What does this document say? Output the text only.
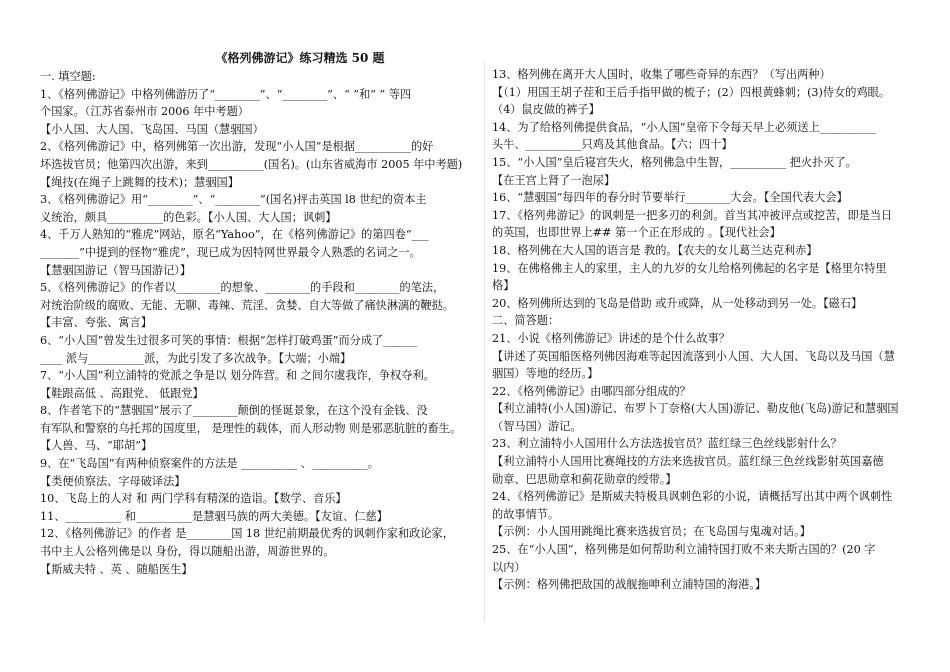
《格列佛游记》练习精选 50 题
一. 填空题:
1、《格列佛游记》中格列佛游历了“________”、“________”、“ ”和“ ” 等四
个国家。（江苏省泰州市 2006 年中考题）
【小人国、大人国、飞岛国、马国（慧骃国）
2、《格列佛游记》中，格列佛第一次出游，发现“小人国”是根据__________的好
坏选拔官员；他第四次出游，来到__________(国名)。(山东省威海市 2005 年中考题)
【绳技(在绳子上跳舞的技术)；慧骃国】
3、《格列佛游记》用“________”、“________”(国名)抨击英国 l8 世纪的资本主
义统治，颇具__________的色彩。【小人国、大人国；讽刺】
4、千万人熟知的“雅虎”网站，原名“Yahoo”，在《格列佛游记》的第四卷“___
_______”中提到的怪物“雅虎”，现已成为因特网世界最令人熟悉的名词之一。
【慧骃国游记（智马国游记）】
5、《格列佛游记》的作者以________的想象、________的手段和________的笔法，
对统治阶级的腐败、无能、无聊、毒辣、荒淫、贪婪、自大等做了痛快淋漓的鞭挞。
【丰富、夸张、寓言】
6、“小人国”曾发生过很多可笑的事情：根据“怎样打破鸡蛋”而分成了______
____ 派与__________派，为此引发了多次战争。【大端；小端】
7、“小人国”利立浦特的党派之争是以 划分阵营。和 之间尔虞我诈，争权夺利。
【鞋跟高低 、高跟党、 低跟党】
8、作者笔下的“慧骃国”展示了________颠倒的怪诞景象，在这个没有金钱、没
有军队和警察的乌托邦的国度里， 是理性的载体，而人形动物 则是邪恶肮脏的畜生。
【人兽、马、“耶胡”】
9、在“飞岛国”有两种侦察案件的方法是 __________ 、__________。
【类便侦察法、字母破译法】
10、飞岛上的人对 和 两门学科有精深的造诣。【数学、音乐】
11、__________ 和__________是慧骃马族的两大美德。【友谊、仁慈】
12、《格列佛游记》的作者 是________国 18 世纪前期最优秀的讽刺作家和政论家，
书中主人公格列佛是以 身份，得以随船出游，周游世界的。
【斯威夫特 、英 、随船医生】
13、格列佛在离开大人国时，收集了哪些奇异的东西？（写出两种）
【（1）用国王胡子茬和王后手指甲做的梳子；(2）四根黄蜂刺；(3)侍女的鸡眼。
（4）鼠皮做的裤子】
14、为了给格列佛提供食品，“小人国”皇帝下令每天早上必须送上__________
头牛、__________只鸡及其他食品。【六；四十】
15、“小人国”皇后寝宫失火，格列佛急中生智，__________ 把火扑灭了。
【在王宫上肾了一泡尿】
16、“慧骃国”每四年的春分时节要举行________大会。【全国代表大会】
17、《格列弗游记》的讽刺是一把多刃的利剑。首当其冲被评点或挖苦，即是当日
的英国，也即世界上## 第一个正在形成的 。【现代社会】
18、格列佛在大人国的语言是 教的。【农夫的女儿葛兰达克利赤】
19、在佛格佛主人的家里，主人的九岁的女儿给格列佛起的名字是【格里尔特里
格】
20、格列佛所达到的飞岛是借助 或升或降，从一处移动到另一处。【磁石】
二、简答题：
21、小说《格列佛游记》讲述的是个什么故事？
【讲述了英国船医格列佛因海难等起因流落到小人国、大人国、飞岛以及马国（慧
骃国）等地的经历。】
22、《格列佛游记》由哪四部分组成的？
【利立浦特(小人国)游记、布罗卜丁奈格(大人国)游记、勒皮他(飞岛)游记和慧骃国
（智马国）游记。
23、利立浦特小人国用什么方法选拔官员？蓝红绿三色丝线影射什么？
【利立浦特小人国用比赛绳技的方法来选拔官员。蓝红绿三色丝线影射英国嘉德
勋章、巴思勋章和蓟花勋章的绶带。】
24、《格列佛游记》是斯威夫特极具讽刺色彩的小说，请概括写出其中两个讽刺性
的故事情节。
【示例：小人国用跳绳比赛来选拔官员；在飞岛国与鬼魂对话。】
25、在“小人国”，格列佛是如何帮助利立浦特国打败不来夫斯古国的？(20 字
以内）
【示例：格列佛把敌国的战舰拖呻利立浦特国的海港。】
